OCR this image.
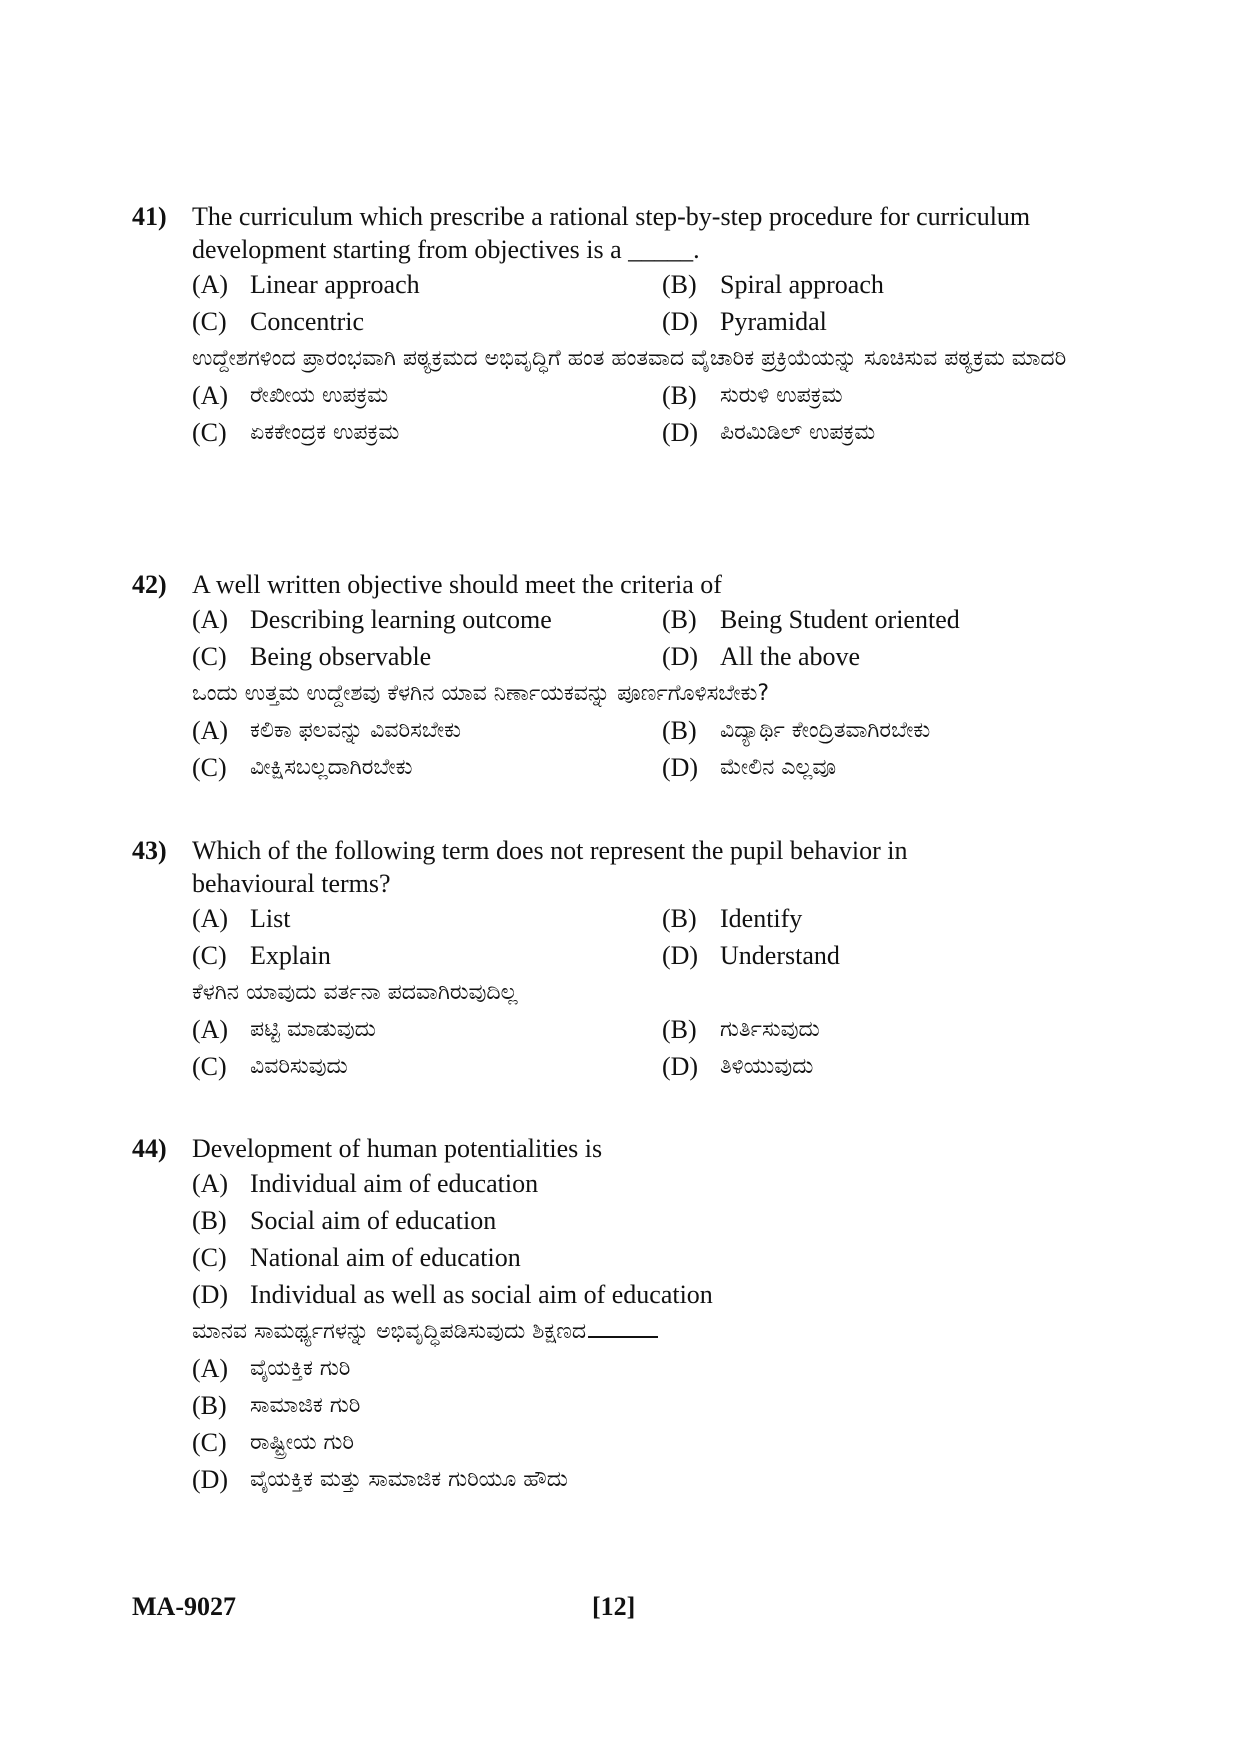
41) The curriculum which prescribe a rational step-by-step procedure for curriculum development starting from objectives is a _____.
(A) Linear approach	(B) Spiral approach
(C) Concentric	(D) Pyramidal
ಉದ್ದೇಶಗಳಿಂದ ಪ್ರಾರಂಭವಾಗಿ ಪಠ್ಯಕ್ರಮದ ಅಭಿವೃದ್ಧಿಗೆ ಹಂತ ಹಂತವಾದ ವೈಚಾರಿಕ ಪ್ರಕ್ರಿಯೆಯನ್ನು ಸೂಚಿಸುವ ಪಠ್ಯಕ್ರಮ ಮಾದರಿ
(A) ರೇಖೀಯ ಉಪಕ್ರಮ	(B)	ಸುರುಳಿ ಉಪಕ್ರಮ
(C)	ಏಕಕೇಂದ್ರಕ ಉಪಕ್ರಮ	(D) ಪಿರಮಿಡಿಲ್ ಉಪಕ್ರಮ
42) A well written objective should meet the criteria of
(A) Describing learning outcome	(B) Being Student oriented
(C) Being observable	(D) All the above
ಒಂದು ಉತ್ತಮ ಉದ್ದೇಶವು ಕೆಳಗಿನ ಯಾವ ನಿರ್ಣಾಯಕವನ್ನು ಪೂರ್ಣಗೊಳಿಸಬೇಕು?
(A) ಕಲಿಕಾ ಫಲವನ್ನು ವಿವರಿಸಬೇಕು	(B)	ವಿದ್ಯಾರ್ಥಿ ಕೇಂದ್ರಿತವಾಗಿರಬೇಕು
(C)	ವೀಕ್ಷಿಸಬಲ್ಲದಾಗಿರಬೇಕು	(D) ಮೇಲಿನ ಎಲ್ಲವೂ
43) Which of the following term does not represent the pupil behavior in behavioural terms?
(A) List	(B) Identify
(C) Explain	(D) Understand
ಕೆಳಗಿನ ಯಾವುದು ವರ್ತನಾ ಪದವಾಗಿರುವುದಿಲ್ಲ
(A) ಪಟ್ಟಿ ಮಾಡುವುದು	(B)	ಗುರ್ತಿಸುವುದು
(C)	ವಿವರಿಸುವುದು	(D) ತಿಳಿಯುವುದು
44) Development of human potentialities is
(A) Individual aim of education
(B) Social aim of education
(C) National aim of education
(D) Individual as well as social aim of education
ಮಾನವ ಸಾಮರ್ಥ್ಯಗಳನ್ನು ಅಭಿವೃದ್ಧಿಪಡಿಸುವುದು ಶಿಕ್ಷಣದ
(A) ವೈಯಕ್ತಿಕ ಗುರಿ
(B)	ಸಾಮಾಜಿಕ ಗುರಿ
(C)	ರಾಷ್ಟ್ರೀಯ ಗುರಿ
(D) ವೈಯಕ್ತಿಕ ಮತ್ತು ಸಾಮಾಜಿಕ ಗುರಿಯೂ ಹೌದು
MA-9027	[12]
